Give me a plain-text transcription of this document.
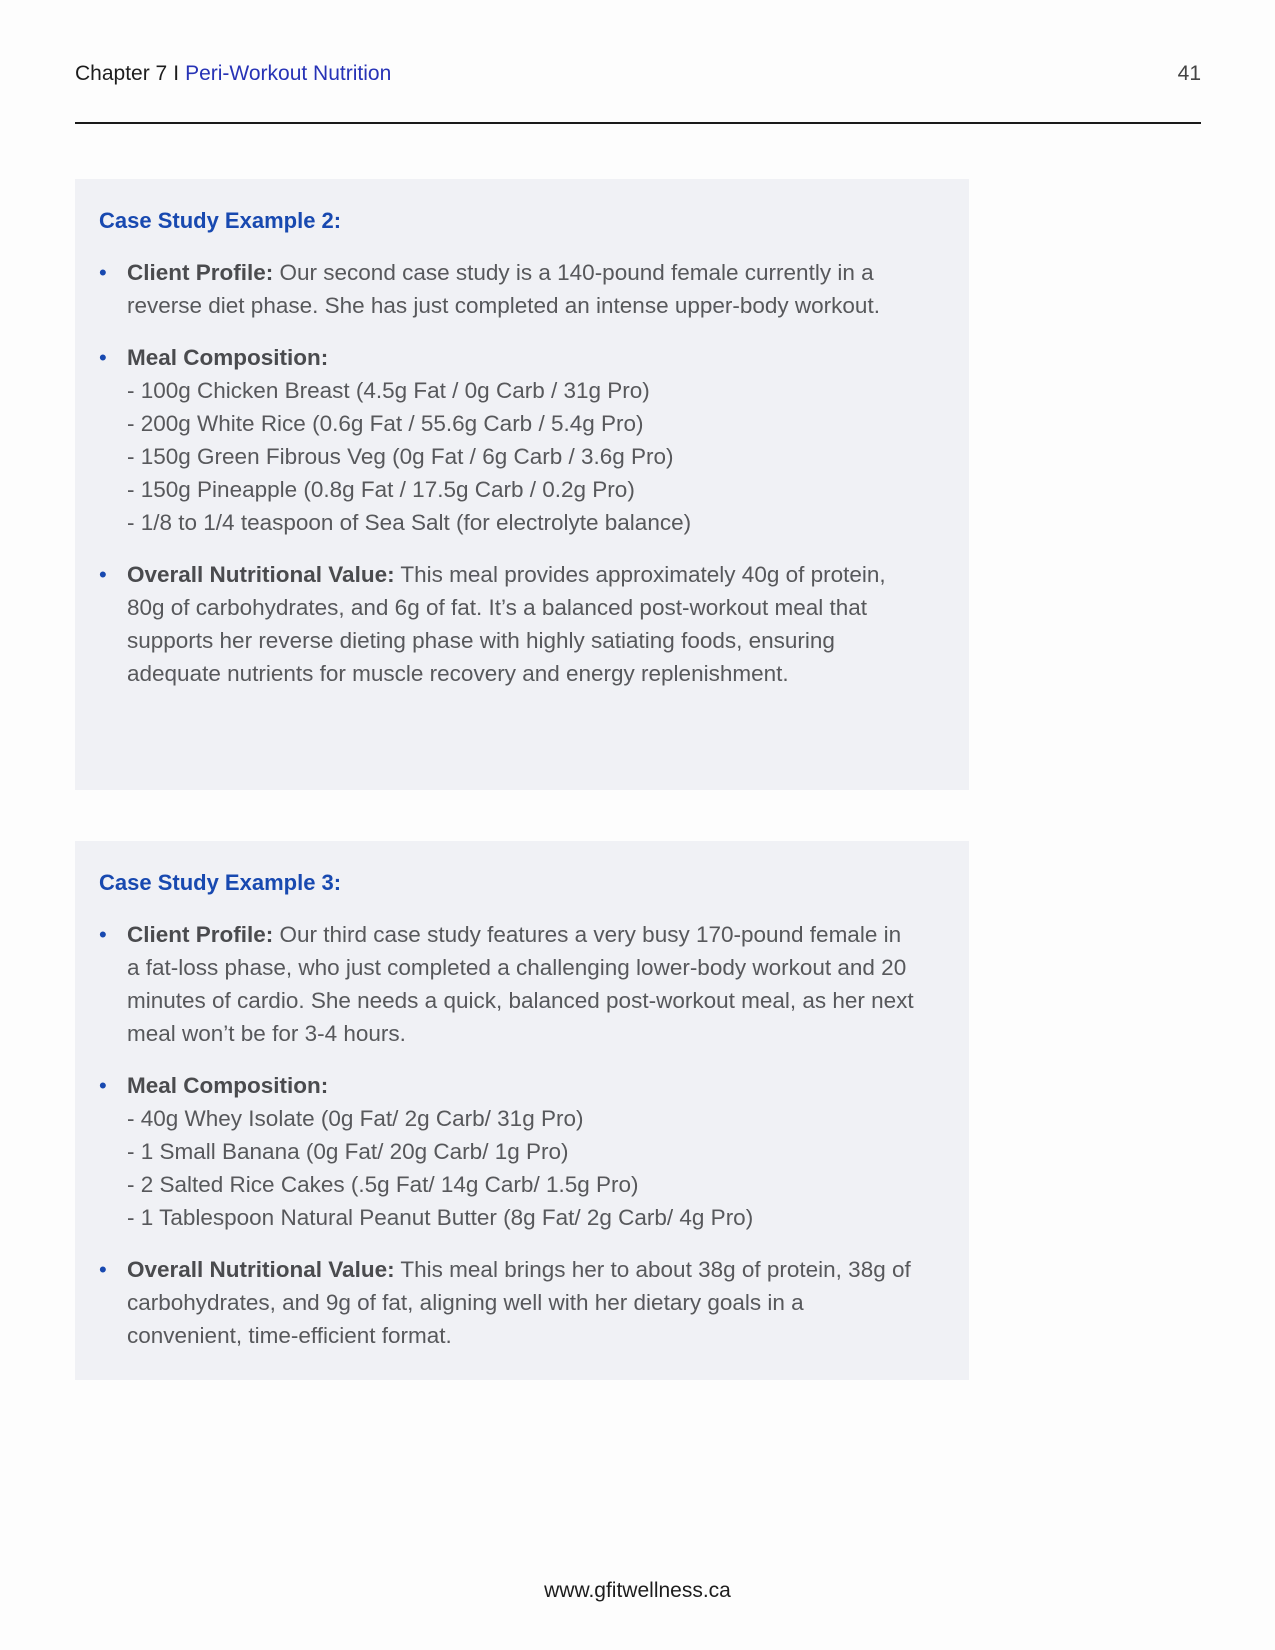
Chapter 7 I Peri-Workout Nutrition	41
Case Study Example 2:
• Client Profile: Our second case study is a 140-pound female currently in a reverse diet phase. She has just completed an intense upper-body workout.
• Meal Composition:
- 100g Chicken Breast (4.5g Fat / 0g Carb / 31g Pro)
- 200g White Rice (0.6g Fat / 55.6g Carb / 5.4g Pro)
- 150g Green Fibrous Veg (0g Fat / 6g Carb / 3.6g Pro)
- 150g Pineapple (0.8g Fat / 17.5g Carb / 0.2g Pro)
- 1/8 to 1/4 teaspoon of Sea Salt (for electrolyte balance)
• Overall Nutritional Value: This meal provides approximately 40g of protein, 80g of carbohydrates, and 6g of fat. It’s a balanced post-workout meal that supports her reverse dieting phase with highly satiating foods, ensuring adequate nutrients for muscle recovery and energy replenishment.
Case Study Example 3:
• Client Profile: Our third case study features a very busy 170-pound female in a fat-loss phase, who just completed a challenging lower-body workout and 20 minutes of cardio. She needs a quick, balanced post-workout meal, as her next meal won’t be for 3-4 hours.
• Meal Composition:
- 40g Whey Isolate (0g Fat/ 2g Carb/ 31g Pro)
- 1 Small Banana (0g Fat/ 20g Carb/ 1g Pro)
- 2 Salted Rice Cakes (.5g Fat/ 14g Carb/ 1.5g Pro)
- 1 Tablespoon Natural Peanut Butter (8g Fat/ 2g Carb/ 4g Pro)
• Overall Nutritional Value: This meal brings her to about 38g of protein, 38g of carbohydrates, and 9g of fat, aligning well with her dietary goals in a convenient, time-efficient format.
www.gfitwellness.ca
